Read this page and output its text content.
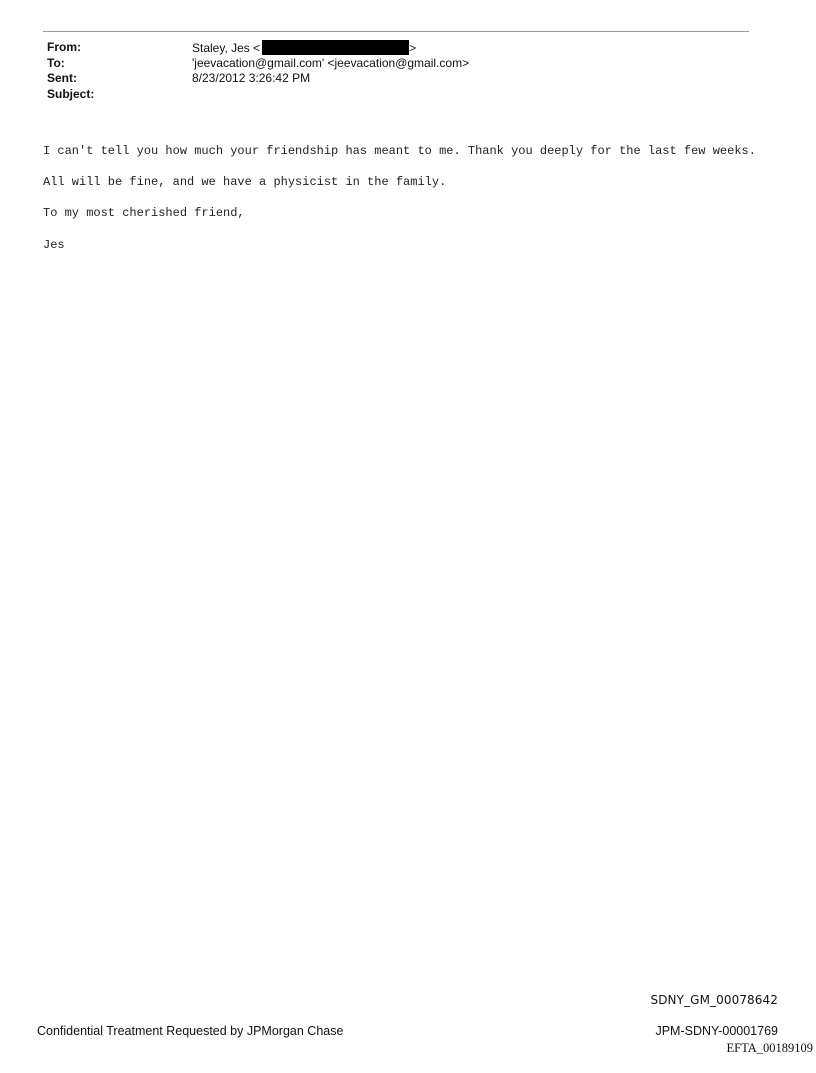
From:	Staley, Jes <	>
To:	'jeevacation@gmail.com' <jeevacation@gmail.com>
Sent:	8/23/2012 3:26:42 PM
Subject:

I can't tell you how much your friendship has meant to me. Thank you deeply for the last few weeks.

All will be fine, and we have a physicist in the family.

To my most cherished friend,

Jes

SDNY_GM_00078642
Confidential Treatment Requested by JPMorgan Chase	JPM-SDNY-00001769
EFTA_00189109
